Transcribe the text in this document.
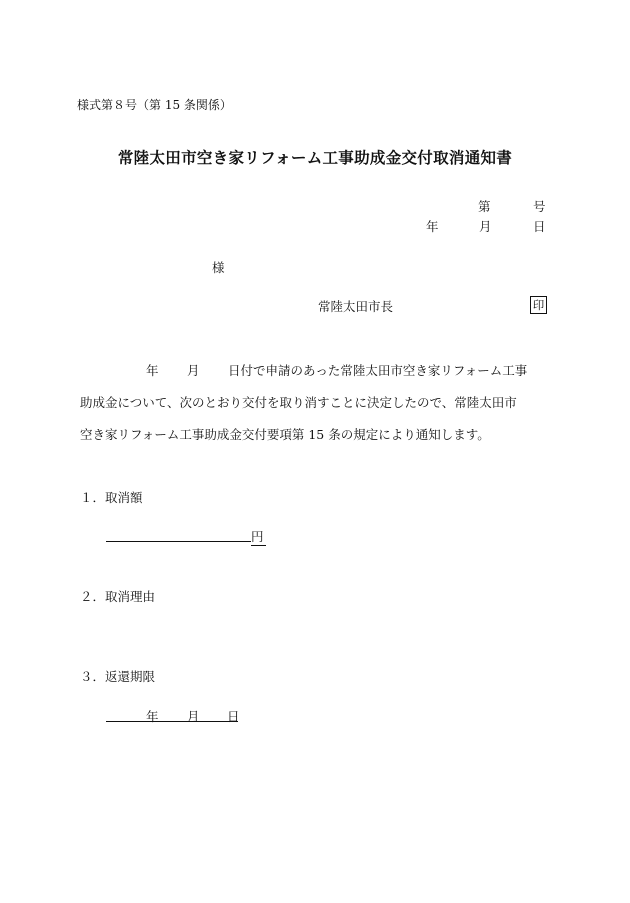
様式第８号（第 15 条関係）
常陸太田市空き家リフォーム工事助成金交付取消通知書
第	号
年	月	日
様
常陸太田市長	印
年 月 日付で申請のあった常陸太田市空き家リフォーム工事
助成金について、次のとおり交付を取り消すことに決定したので、常陸太田市
空き家リフォーム工事助成金交付要項第 15 条の規定により通知します。
１．取消額
円
２．取消理由
３．返還期限
年 月 日
